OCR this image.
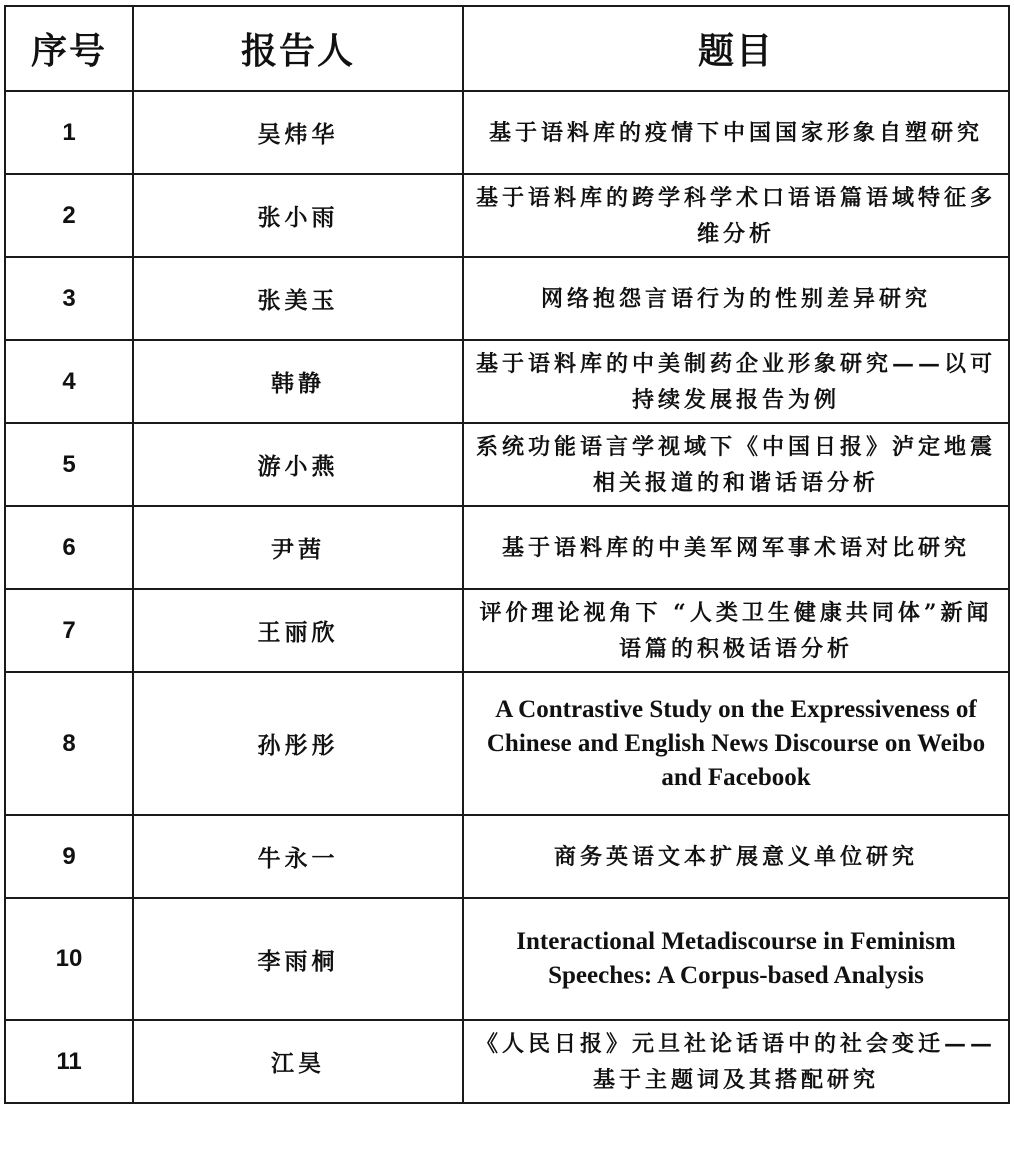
序号	报告人	题目
1	吴炜华	基于语料库的疫情下中国国家形象自塑研究
2	张小雨	基于语料库的跨学科学术口语语篇语域特征多维分析
3	张美玉	网络抱怨言语行为的性别差异研究
4	韩静	基于语料库的中美制药企业形象研究——以可持续发展报告为例
5	游小燕	系统功能语言学视域下《中国日报》泸定地震相关报道的和谐话语分析
6	尹茜	基于语料库的中美军网军事术语对比研究
7	王丽欣	评价理论视角下 “人类卫生健康共同体”新闻语篇的积极话语分析
8	孙彤彤	A Contrastive Study on the Expressiveness of Chinese and English News Discourse on Weibo and Facebook
9	牛永一	商务英语文本扩展意义单位研究
10	李雨桐	Interactional Metadiscourse in Feminism Speeches: A Corpus-based Analysis
11	江昊	《人民日报》元旦社论话语中的社会变迁——基于主题词及其搭配研究
